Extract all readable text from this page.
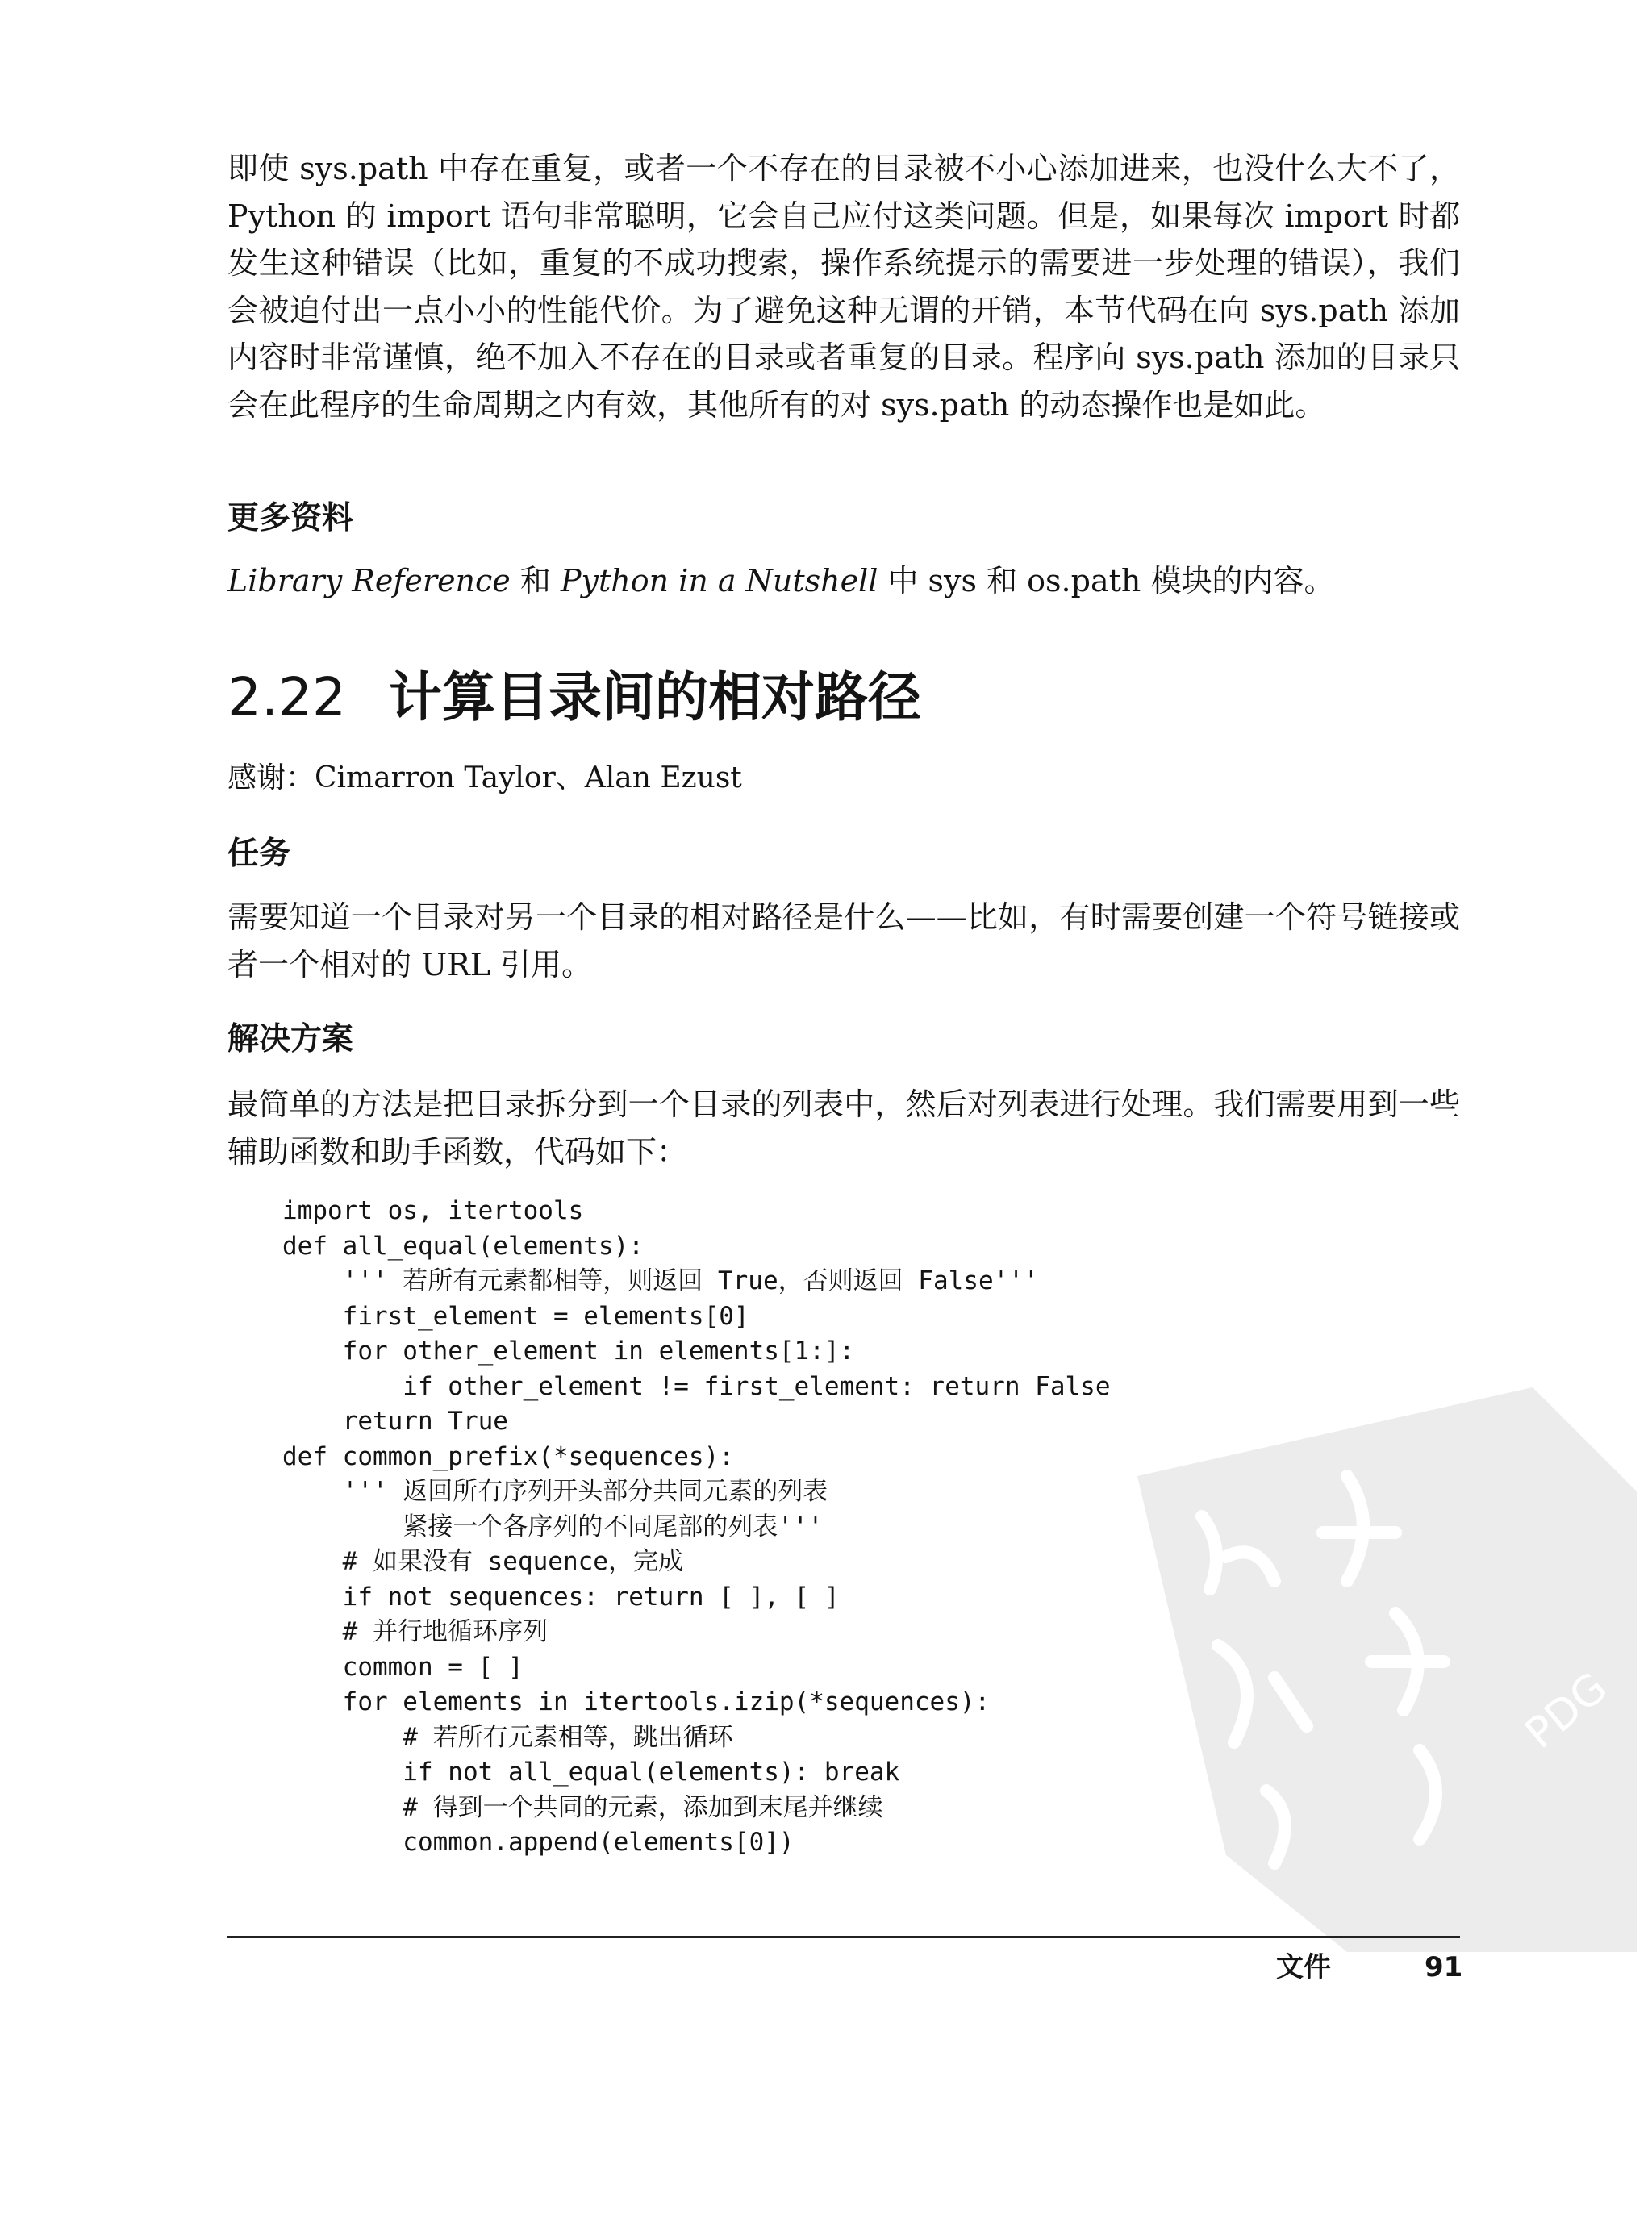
即使 sys.path 中存在重复，或者一个不存在的目录被不小心添加进来，也没什么大不了，Python 的 import 语句非常聪明，它会自己应付这类问题。但是，如果每次 import 时都发生这种错误（比如，重复的不成功搜索，操作系统提示的需要进一步处理的错误），我们会被迫付出一点小小的性能代价。为了避免这种无谓的开销，本节代码在向 sys.path 添加内容时非常谨慎，绝不加入不存在的目录或者重复的目录。程序向 sys.path 添加的目录只会在此程序的生命周期之内有效，其他所有的对 sys.path 的动态操作也是如此。

更多资料

Library Reference 和 Python in a Nutshell 中 sys 和 os.path 模块的内容。

2.22 计算目录间的相对路径

感谢：Cimarron Taylor、Alan Ezust

任务

需要知道一个目录对另一个目录的相对路径是什么——比如，有时需要创建一个符号链接或者一个相对的 URL 引用。

解决方案

最简单的方法是把目录拆分到一个目录的列表中，然后对列表进行处理。我们需要用到一些辅助函数和助手函数，代码如下：

import os, itertools
def all_equal(elements):
''' 若所有元素都相等，则返回 True，否则返回 False'''
first_element = elements[0]
for other_element in elements[1:]:
if other_element != first_element: return False
return True
def common_prefix(*sequences):
''' 返回所有序列开头部分共同元素的列表
紧接一个各序列的不同尾部的列表'''
# 如果没有 sequence，完成
if not sequences: return [ ], [ ]
# 并行地循环序列
common = [ ]
for elements in itertools.izip(*sequences):
# 若所有元素相等，跳出循环
if not all_equal(elements): break
# 得到一个共同的元素，添加到末尾并继续
common.append(elements[0])
PDG

文件	91
